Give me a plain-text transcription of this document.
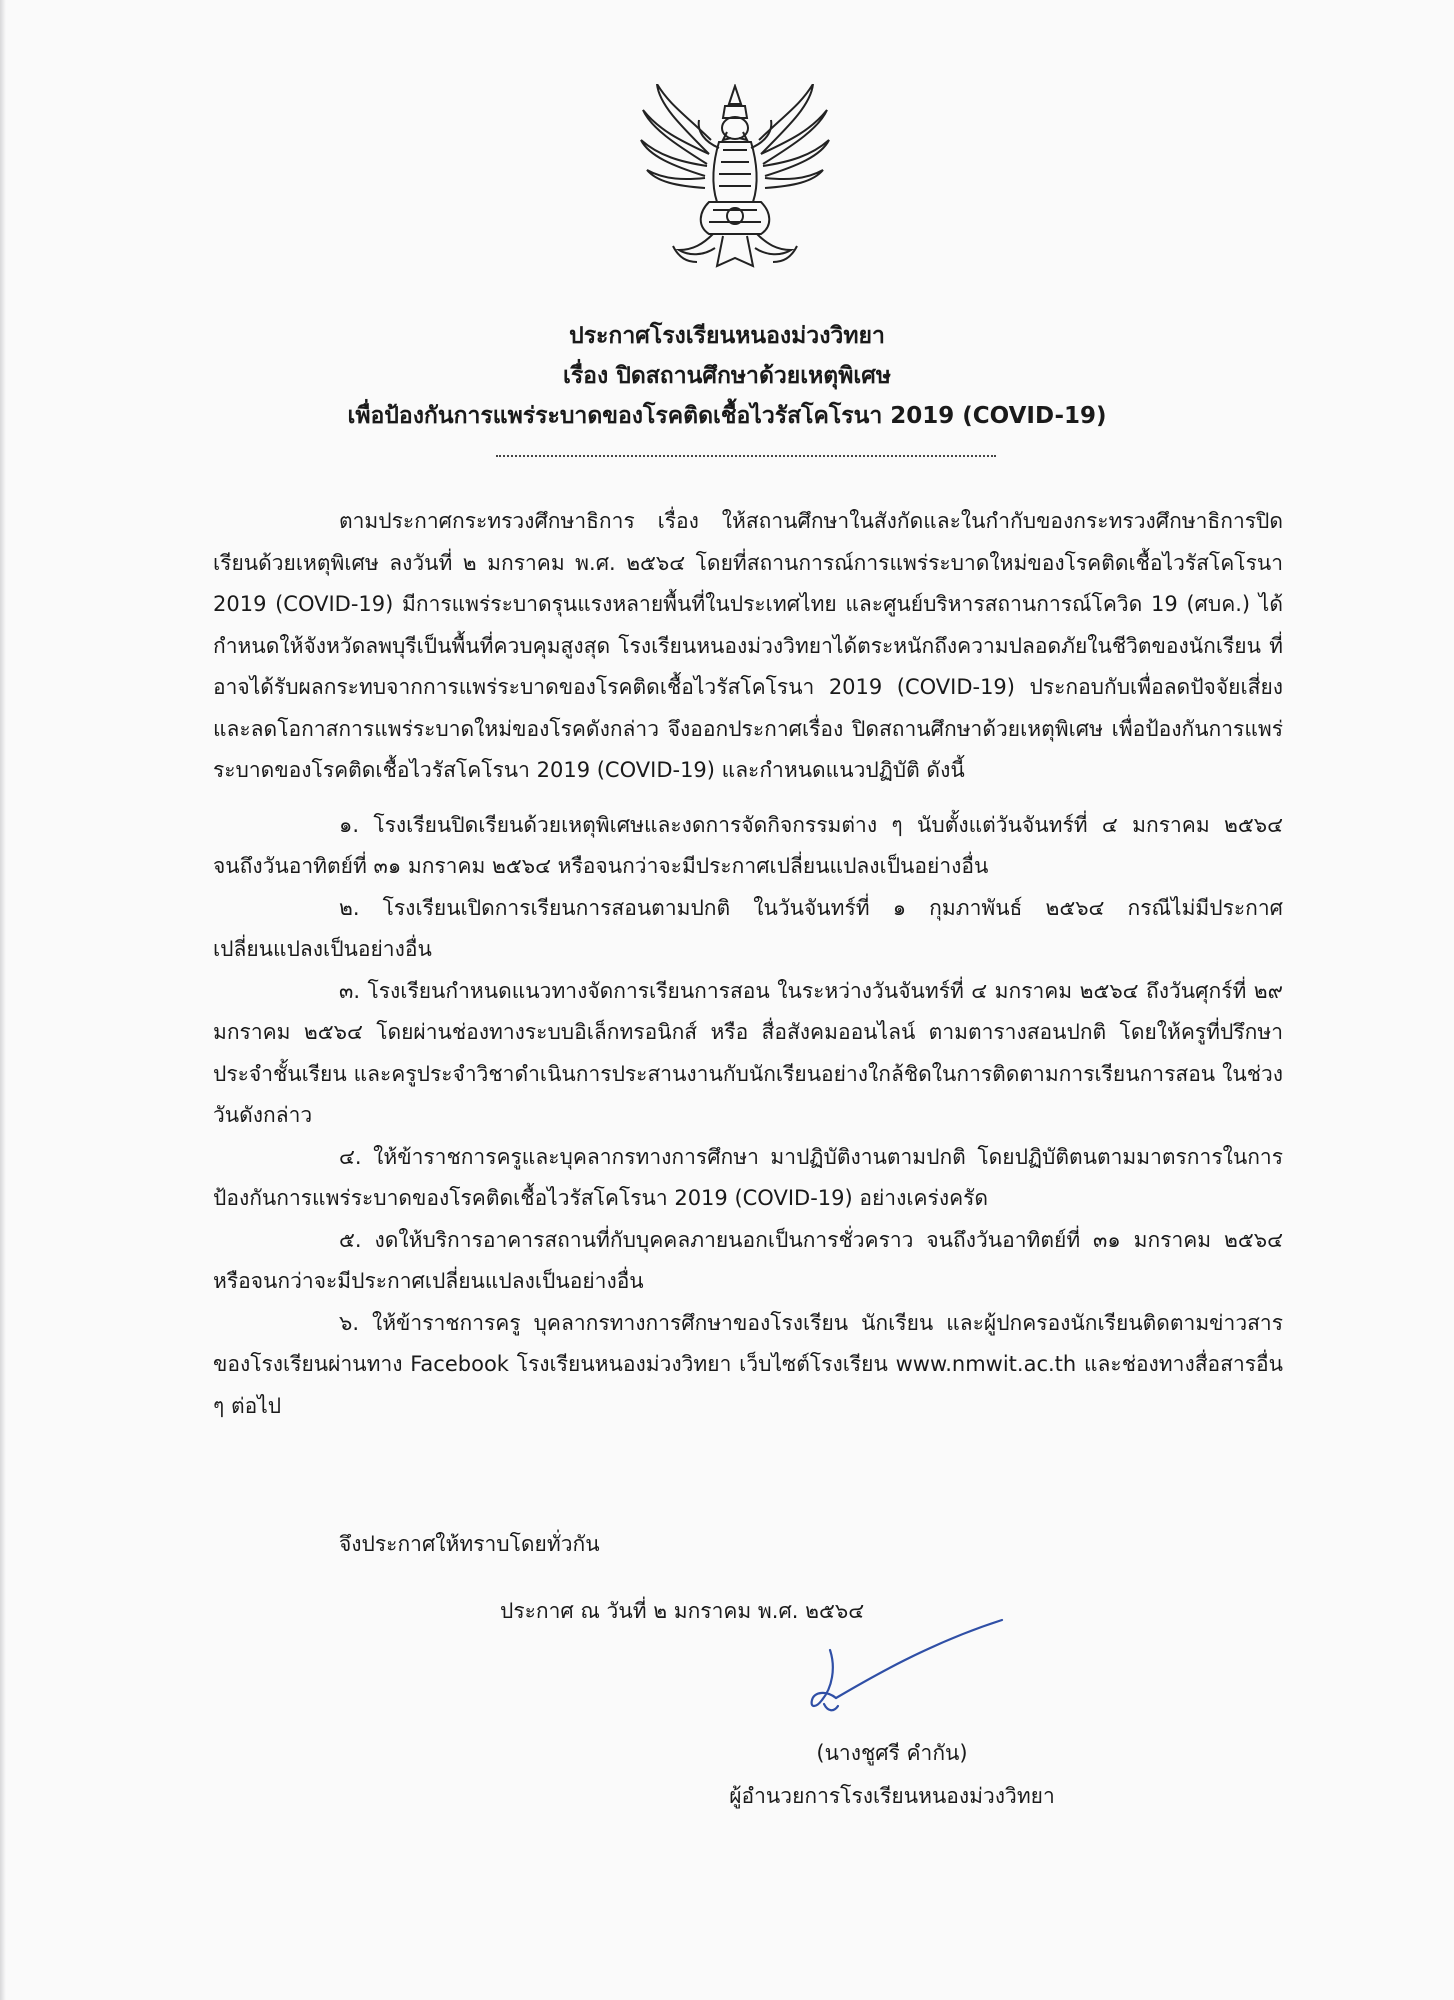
ประกาศโรงเรียนหนองม่วงวิทยา
เรื่อง ปิดสถานศึกษาด้วยเหตุพิเศษ
เพื่อป้องกันการแพร่ระบาดของโรคติดเชื้อไวรัสโคโรนา 2019 (COVID-19)

ตามประกาศกระทรวงศึกษาธิการ เรื่อง ให้สถานศึกษาในสังกัดและในกำกับของกระทรวงศึกษาธิการปิดเรียนด้วยเหตุพิเศษ ลงวันที่ ๒ มกราคม พ.ศ. ๒๕๖๔ โดยที่สถานการณ์การแพร่ระบาดใหม่ของโรคติดเชื้อไวรัสโคโรนา 2019 (COVID-19) มีการแพร่ระบาดรุนแรงหลายพื้นที่ในประเทศไทย และศูนย์บริหารสถานการณ์โควิด 19 (ศบค.) ได้กำหนดให้จังหวัดลพบุรีเป็นพื้นที่ควบคุมสูงสุด โรงเรียนหนองม่วงวิทยาได้ตระหนักถึงความปลอดภัยในชีวิตของนักเรียน ที่อาจได้รับผลกระทบจากการแพร่ระบาดของโรคติดเชื้อไวรัสโคโรนา 2019 (COVID-19) ประกอบกับเพื่อลดปัจจัยเสี่ยงและลดโอกาสการแพร่ระบาดใหม่ของโรคดังกล่าว จึงออกประกาศเรื่อง ปิดสถานศึกษาด้วยเหตุพิเศษ เพื่อป้องกันการแพร่ระบาดของโรคติดเชื้อไวรัสโคโรนา 2019 (COVID-19) และกำหนดแนวปฏิบัติ ดังนี้

๑. โรงเรียนปิดเรียนด้วยเหตุพิเศษและงดการจัดกิจกรรมต่าง ๆ นับตั้งแต่วันจันทร์ที่ ๔ มกราคม ๒๕๖๔ จนถึงวันอาทิตย์ที่ ๓๑ มกราคม ๒๕๖๔ หรือจนกว่าจะมีประกาศเปลี่ยนแปลงเป็นอย่างอื่น

๒. โรงเรียนเปิดการเรียนการสอนตามปกติ ในวันจันทร์ที่ ๑ กุมภาพันธ์ ๒๕๖๔ กรณีไม่มีประกาศเปลี่ยนแปลงเป็นอย่างอื่น

๓. โรงเรียนกำหนดแนวทางจัดการเรียนการสอน ในระหว่างวันจันทร์ที่ ๔ มกราคม ๒๕๖๔ ถึงวันศุกร์ที่ ๒๙ มกราคม ๒๕๖๔ โดยผ่านช่องทางระบบอิเล็กทรอนิกส์ หรือ สื่อสังคมออนไลน์ ตามตารางสอนปกติ โดยให้ครูที่ปรึกษาประจำชั้นเรียน และครูประจำวิชาดำเนินการประสานงานกับนักเรียนอย่างใกล้ชิดในการติดตามการเรียนการสอน ในช่วงวันดังกล่าว

๔. ให้ข้าราชการครูและบุคลากรทางการศึกษา มาปฏิบัติงานตามปกติ โดยปฏิบัติตนตามมาตรการในการป้องกันการแพร่ระบาดของโรคติดเชื้อไวรัสโคโรนา 2019 (COVID-19) อย่างเคร่งครัด

๕. งดให้บริการอาคารสถานที่กับบุคคลภายนอกเป็นการชั่วคราว จนถึงวันอาทิตย์ที่ ๓๑ มกราคม ๒๕๖๔ หรือจนกว่าจะมีประกาศเปลี่ยนแปลงเป็นอย่างอื่น

๖. ให้ข้าราชการครู บุคลากรทางการศึกษาของโรงเรียน นักเรียน และผู้ปกครองนักเรียนติดตามข่าวสารของโรงเรียนผ่านทาง Facebook โรงเรียนหนองม่วงวิทยา เว็บไซต์โรงเรียน www.nmwit.ac.th และช่องทางสื่อสารอื่น ๆ ต่อไป

จึงประกาศให้ทราบโดยทั่วกัน
ประกาศ ณ วันที่ ๒ มกราคม พ.ศ. ๒๕๖๔
(นางชูศรี คำกัน)
ผู้อำนวยการโรงเรียนหนองม่วงวิทยา
